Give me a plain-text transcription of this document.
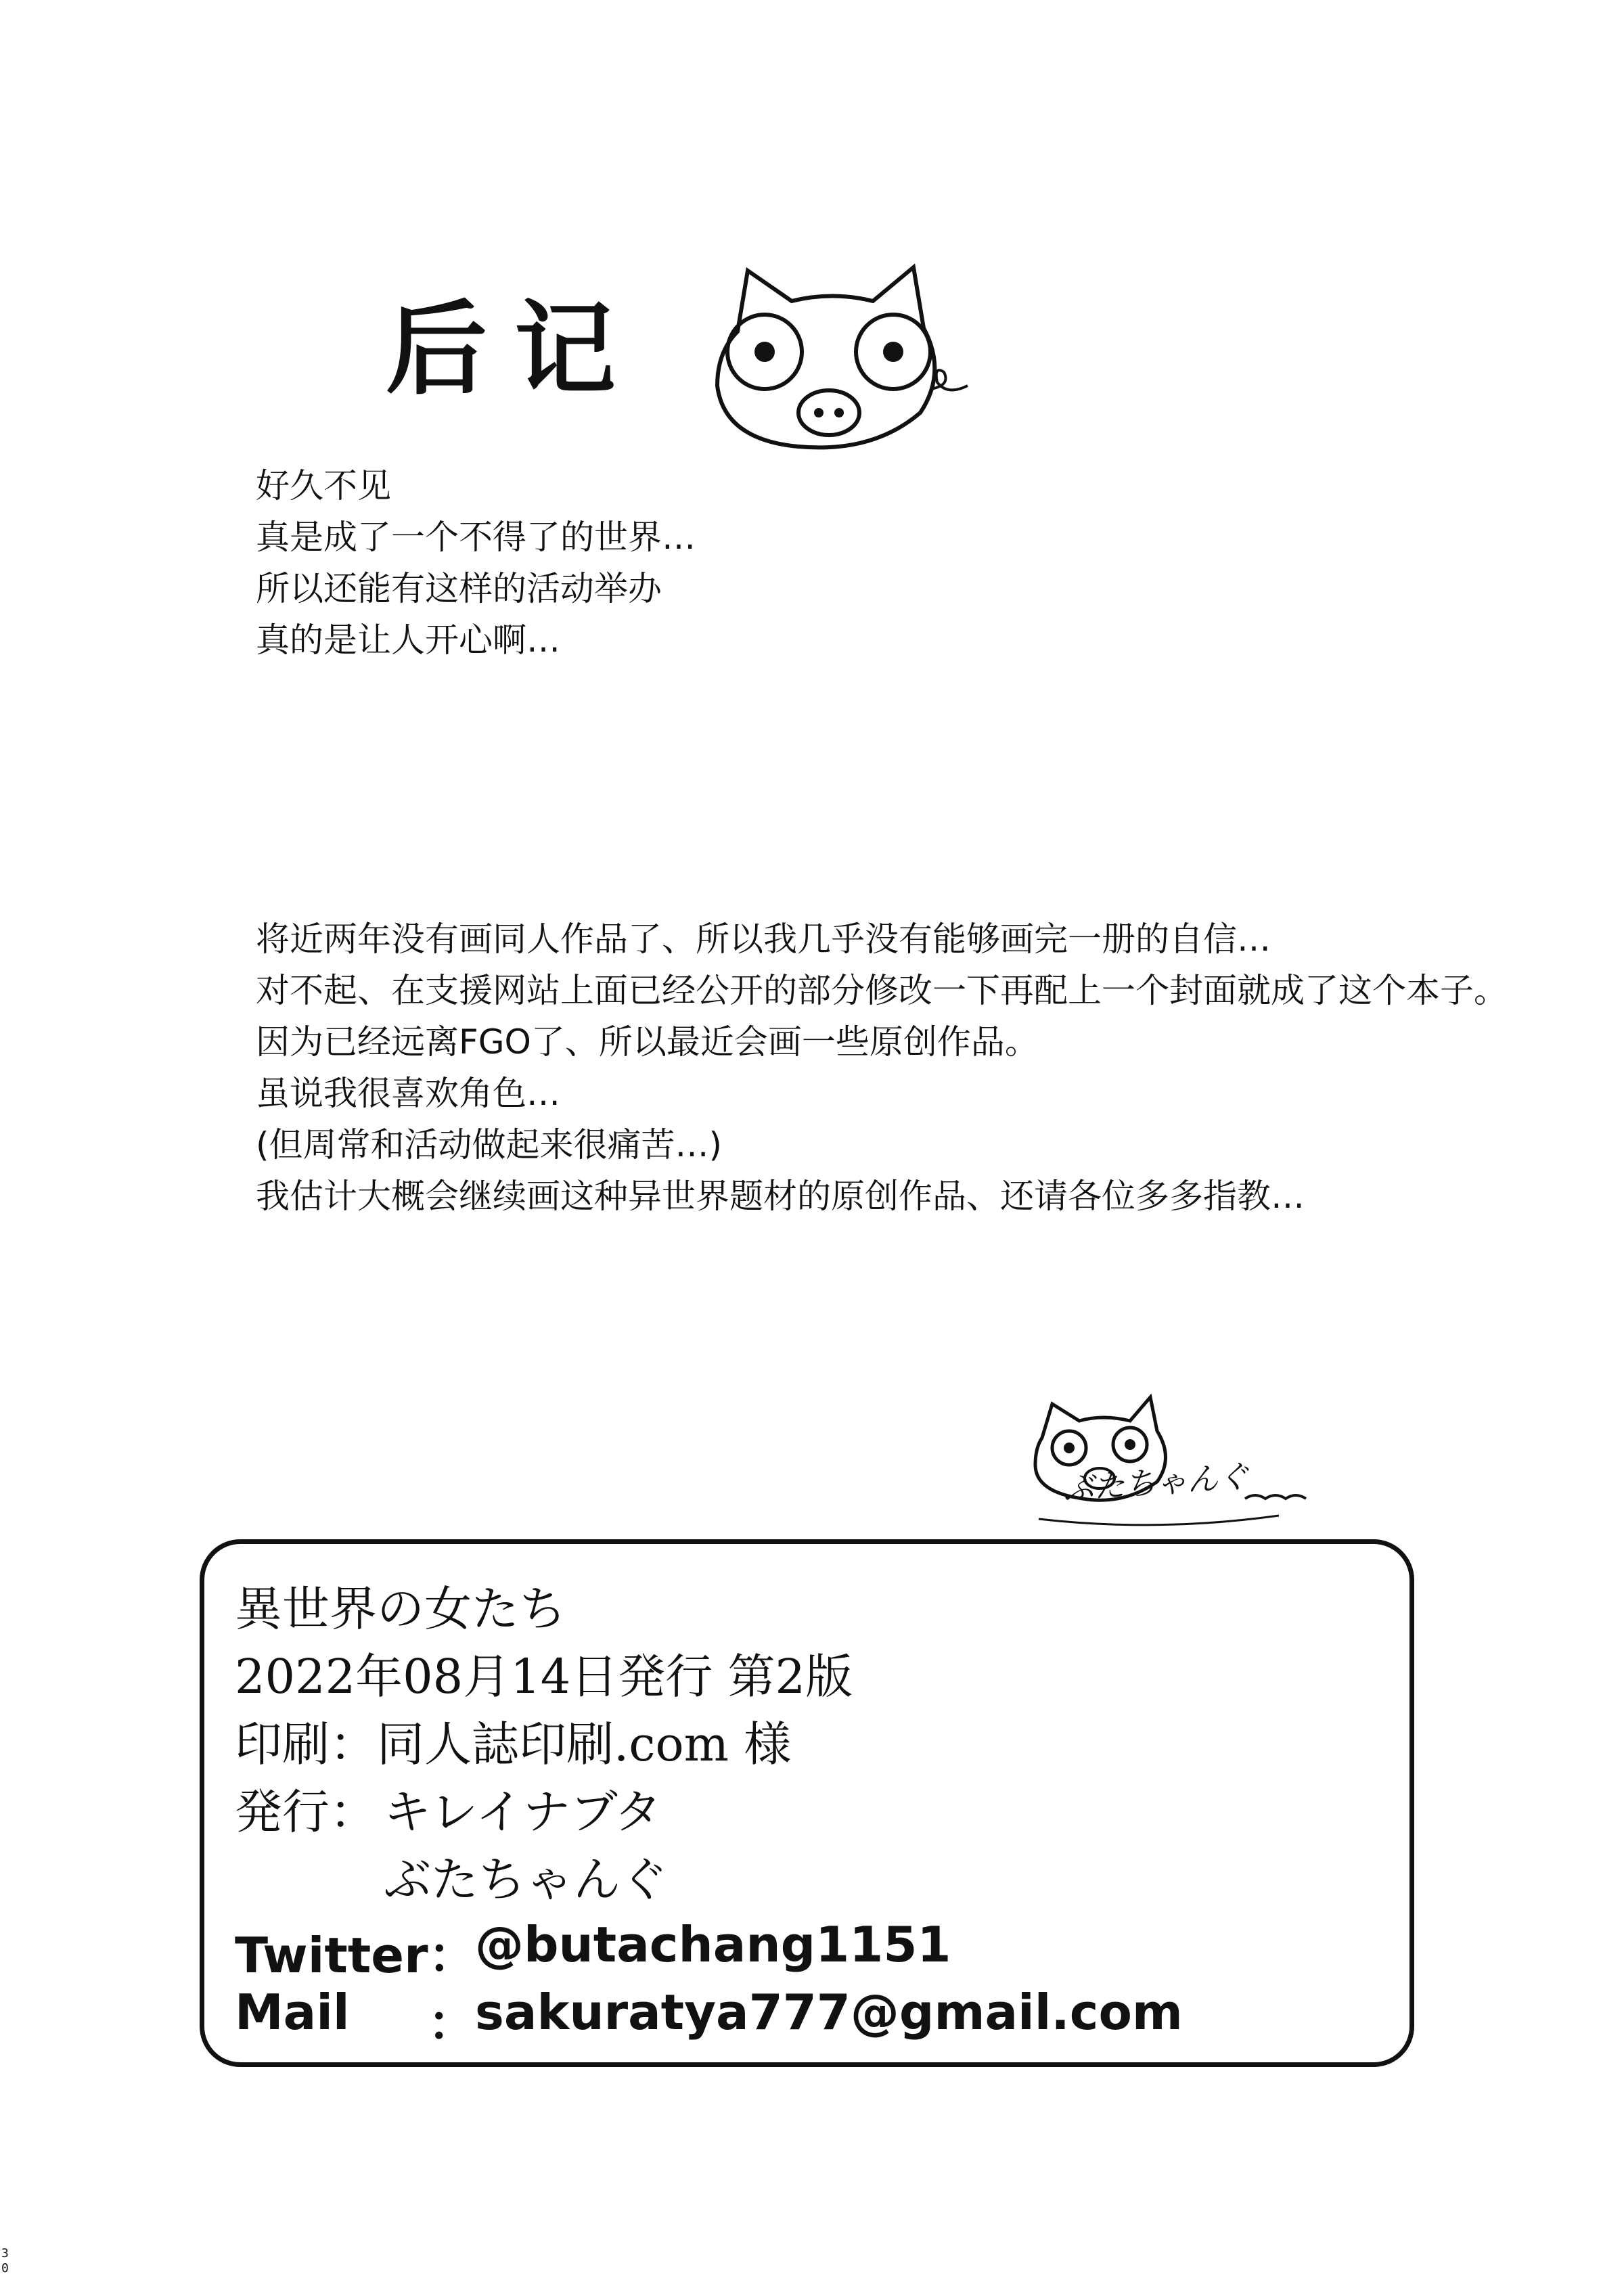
后记
好久不见
真是成了一个不得了的世界…
所以还能有这样的活动举办
真的是让人开心啊…
将近两年没有画同人作品了、所以我几乎没有能够画完一册的自信…
对不起、在支援网站上面已经公开的部分修改一下再配上一个封面就成了这个本子。
因为已经远离FGO了、所以最近会画一些原创作品。
虽说我很喜欢角色…
(但周常和活动做起来很痛苦…)
我估计大概会继续画这种异世界题材的原创作品、还请各位多多指教…
ぶたちゃんぐ
異世界の女たち
2022年08月14日発行 第2版
印刷：同人誌印刷.com 様
発行： キレイナブタ
ぶたちゃんぐ
Twitter：
@butachang1151
Mail ：
sakuratya777@gmail.com
30
